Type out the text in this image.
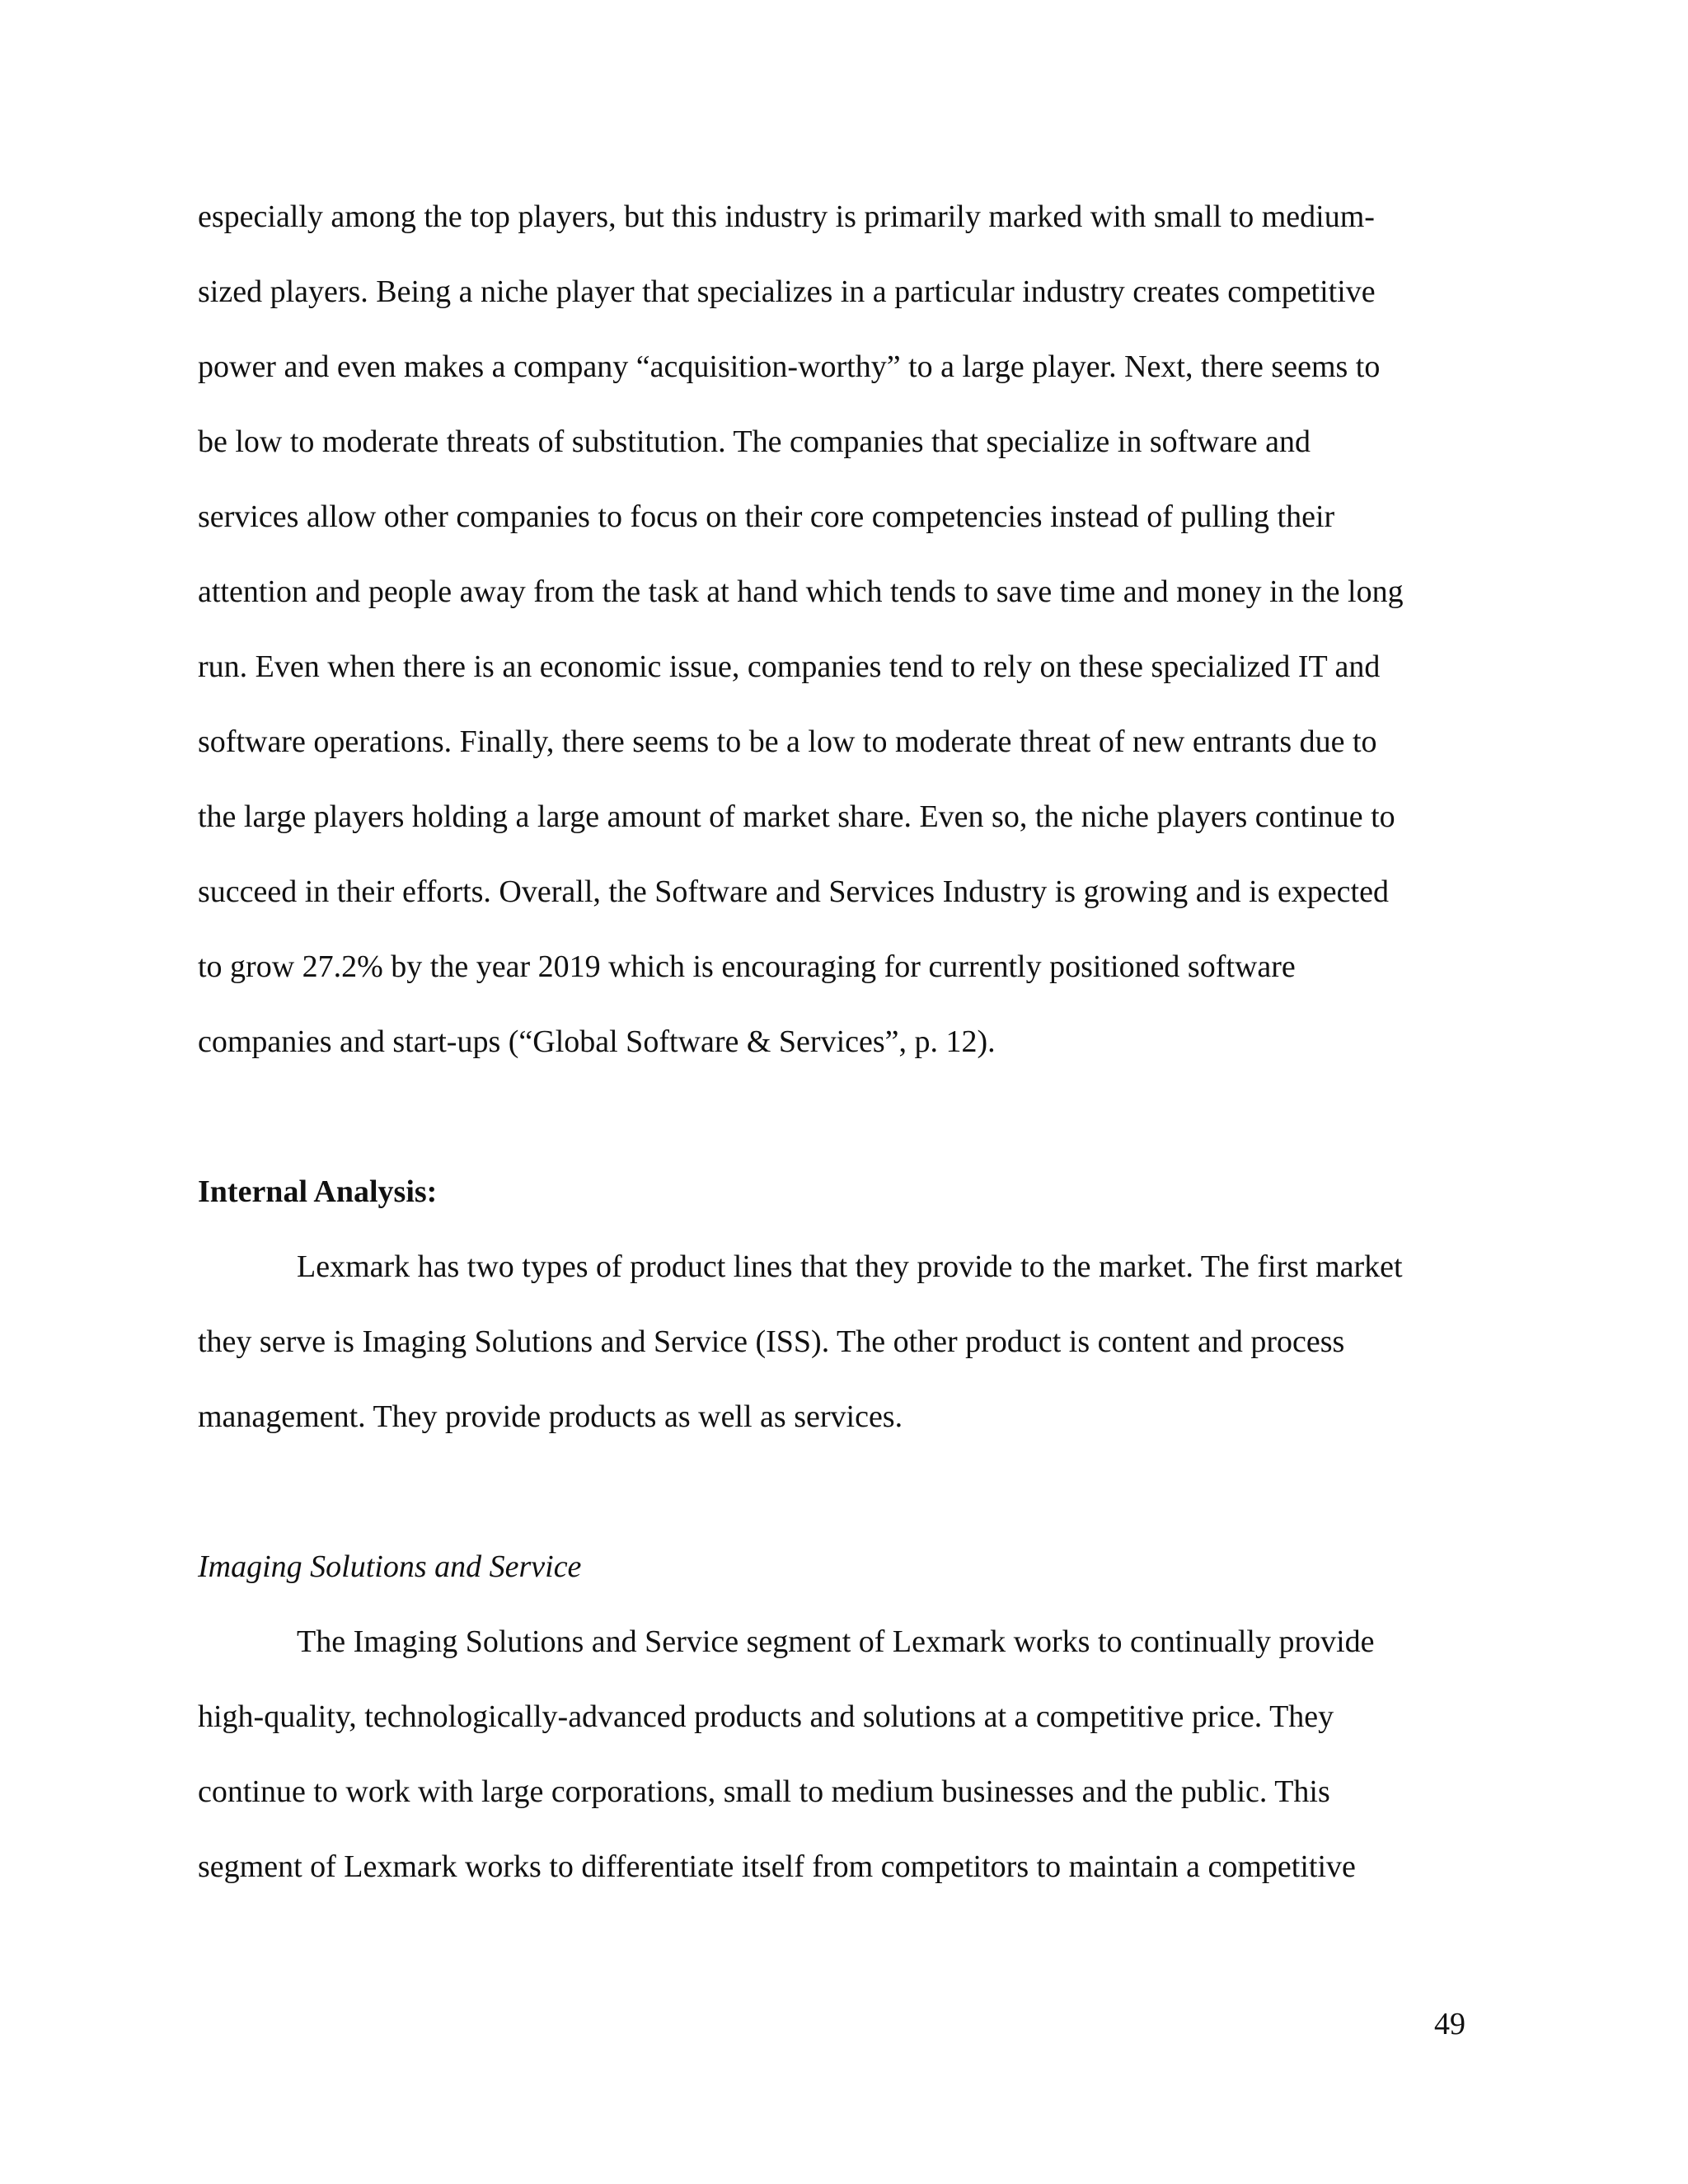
especially among the top players, but this industry is primarily marked with small to medium-
sized players. Being a niche player that specializes in a particular industry creates competitive
power and even makes a company “acquisition-worthy” to a large player. Next, there seems to
be low to moderate threats of substitution. The companies that specialize in software and
services allow other companies to focus on their core competencies instead of pulling their
attention and people away from the task at hand which tends to save time and money in the long
run. Even when there is an economic issue, companies tend to rely on these specialized IT and
software operations. Finally, there seems to be a low to moderate threat of new entrants due to
the large players holding a large amount of market share. Even so, the niche players continue to
succeed in their efforts. Overall, the Software and Services Industry is growing and is expected
to grow 27.2% by the year 2019 which is encouraging for currently positioned software
companies and start-ups (“Global Software & Services”, p. 12).
Internal Analysis:
Lexmark has two types of product lines that they provide to the market. The first market
they serve is Imaging Solutions and Service (ISS). The other product is content and process
management. They provide products as well as services.
Imaging Solutions and Service
The Imaging Solutions and Service segment of Lexmark works to continually provide
high-quality, technologically-advanced products and solutions at a competitive price. They
continue to work with large corporations, small to medium businesses and the public. This
segment of Lexmark works to differentiate itself from competitors to maintain a competitive
49
